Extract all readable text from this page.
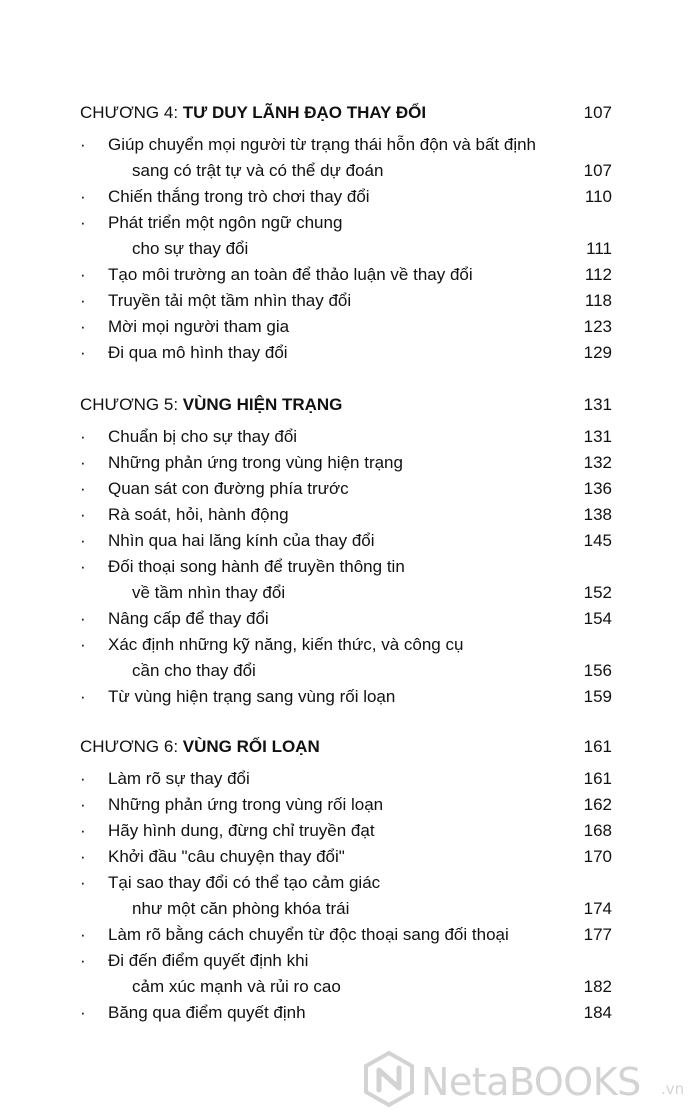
CHƯƠNG 4: TƯ DUY LÃNH ĐẠO THAY ĐỔI	107
· Giúp chuyển mọi người từ trạng thái hỗn độn và bất định
sang có trật tự và có thể dự đoán	107
· Chiến thắng trong trò chơi thay đổi	110
· Phát triển một ngôn ngữ chung
cho sự thay đổi	111
· Tạo môi trường an toàn để thảo luận về thay đổi	112
· Truyền tải một tầm nhìn thay đổi	118
· Mời mọi người tham gia	123
· Đi qua mô hình thay đổi	129
CHƯƠNG 5: VÙNG HIỆN TRẠNG	131
· Chuẩn bị cho sự thay đổi	131
· Những phản ứng trong vùng hiện trạng	132
· Quan sát con đường phía trước	136
· Rà soát, hỏi, hành động	138
· Nhìn qua hai lăng kính của thay đổi	145
· Đối thoại song hành để truyền thông tin
về tầm nhìn thay đổi	152
· Nâng cấp để thay đổi	154
· Xác định những kỹ năng, kiến thức, và công cụ
cần cho thay đổi	156
· Từ vùng hiện trạng sang vùng rối loạn	159
CHƯƠNG 6: VÙNG RỐI LOẠN	161
· Làm rõ sự thay đổi	161
· Những phản ứng trong vùng rối loạn	162
· Hãy hình dung, đừng chỉ truyền đạt	168
· Khởi đầu "câu chuyện thay đổi"	170
· Tại sao thay đổi có thể tạo cảm giác
như một căn phòng khóa trái	174
· Làm rõ bằng cách chuyển từ độc thoại sang đối thoại	177
· Đi đến điểm quyết định khi
cảm xúc mạnh và rủi ro cao	182
· Băng qua điểm quyết định	184
NetaBOOKS .vn
